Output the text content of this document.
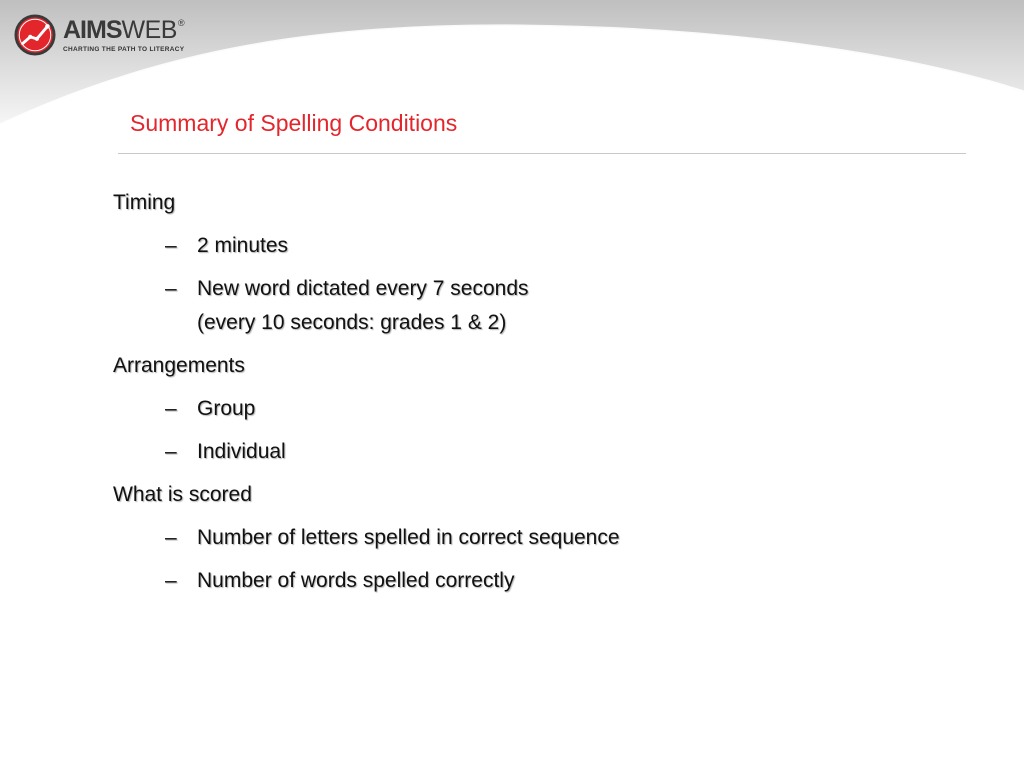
AIMS WEB ®
CHARTING THE PATH TO LITERACY
Summary of Spelling Conditions
Timing
– 2 minutes
– New word dictated every 7 seconds
(every 10 seconds: grades 1 & 2)
Arrangements
– Group
– Individual
What is scored
– Number of letters spelled in correct sequence
– Number of words spelled correctly
